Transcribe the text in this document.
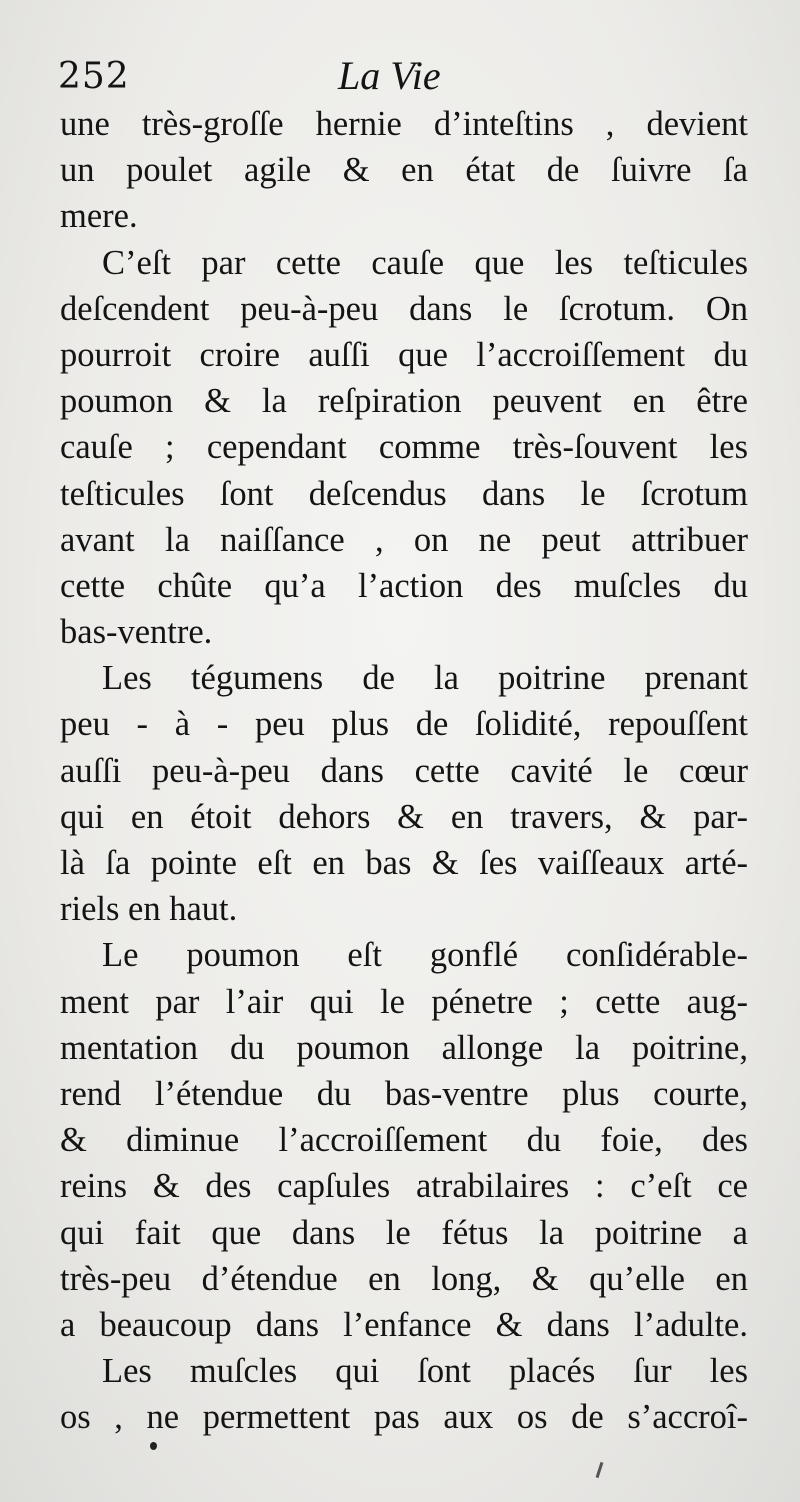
252	La Vie
une très-groſſe hernie d’inteſtins , devient
un poulet agile & en état de ſuivre ſa
mere.
C’eſt par cette cauſe que les teſticules
deſcendent peu-à-peu dans le ſcrotum. On
pourroit croire auſſi que l’accroiſſement du
poumon & la reſpiration peuvent en être
cauſe ; cependant comme très-ſouvent les
teſticules ſont deſcendus dans le ſcrotum
avant la naiſſance , on ne peut attribuer
cette chûte qu’a l’action des muſcles du
bas-ventre.
Les tégumens de la poitrine prenant
peu - à - peu plus de ſolidité, repouſſent
auſſi peu-à-peu dans cette cavité le cœur
qui en étoit dehors & en travers, & par-
là ſa pointe eſt en bas & ſes vaiſſeaux arté-
riels en haut.
Le poumon eſt gonflé conſidérable-
ment par l’air qui le pénetre ; cette aug-
mentation du poumon allonge la poitrine,
rend l’étendue du bas-ventre plus courte,
& diminue l’accroiſſement du foie, des
reins & des capſules atrabilaires : c’eſt ce
qui fait que dans le fétus la poitrine a
très-peu d’étendue en long, & qu’elle en
a beaucoup dans l’enfance & dans l’adulte.
Les muſcles qui ſont placés ſur les
os , ne permettent pas aux os de s’accroî-
